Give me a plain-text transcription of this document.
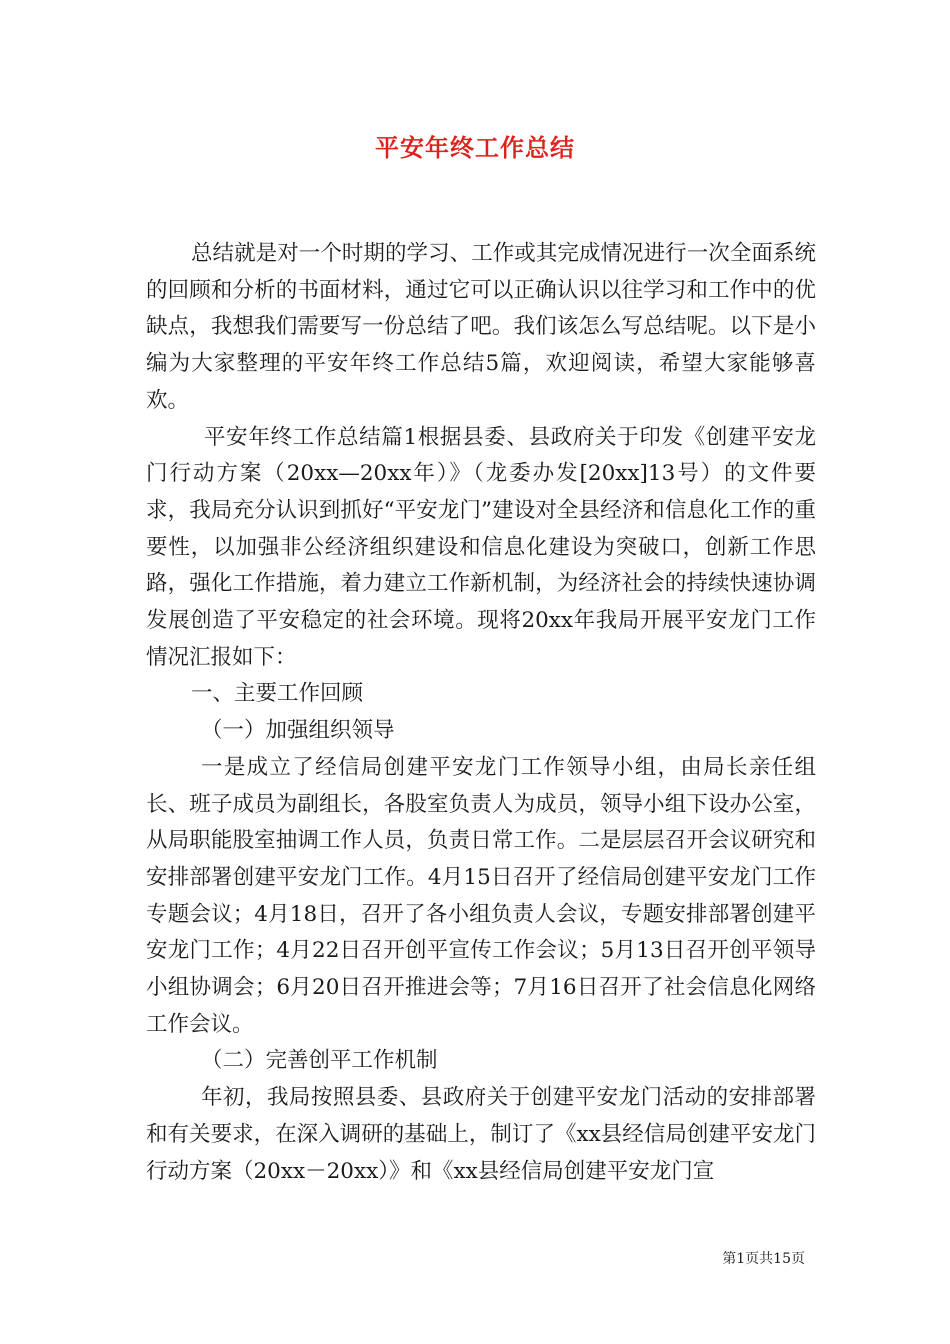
平安年终工作总结

总结就是对一个时期的学习、工作或其完成情况进行一次全面系统的回顾和分析的书面材料，通过它可以正确认识以往学习和工作中的优缺点，我想我们需要写一份总结了吧。我们该怎么写总结呢。以下是小编为大家整理的平安年终工作总结5篇，欢迎阅读，希望大家能够喜欢。

平安年终工作总结篇1根据县委、县政府关于印发《创建平安龙门行动方案（20xx—20xx年）》（龙委办发[20xx]13号）的文件要求，我局充分认识到抓好“平安龙门”建设对全县经济和信息化工作的重要性，以加强非公经济组织建设和信息化建设为突破口，创新工作思路，强化工作措施，着力建立工作新机制，为经济社会的持续快速协调发展创造了平安稳定的社会环境。现将20xx年我局开展平安龙门工作情况汇报如下：

一、主要工作回顾

（一）加强组织领导

一是成立了经信局创建平安龙门工作领导小组，由局长亲任组长、班子成员为副组长，各股室负责人为成员，领导小组下设办公室，从局职能股室抽调工作人员，负责日常工作。二是层层召开会议研究和安排部署创建平安龙门工作。4月15日召开了经信局创建平安龙门工作专题会议；4月18日，召开了各小组负责人会议，专题安排部署创建平安龙门工作；4月22日召开创平宣传工作会议；5月13日召开创平领导小组协调会；6月20日召开推进会等；7月16日召开了社会信息化网络工作会议。

（二）完善创平工作机制

年初，我局按照县委、县政府关于创建平安龙门活动的安排部署和有关要求，在深入调研的基础上，制订了《xx县经信局创建平安龙门行动方案（20xx－20xx）》和《xx县经信局创建平安龙门宣

第1页共15页
